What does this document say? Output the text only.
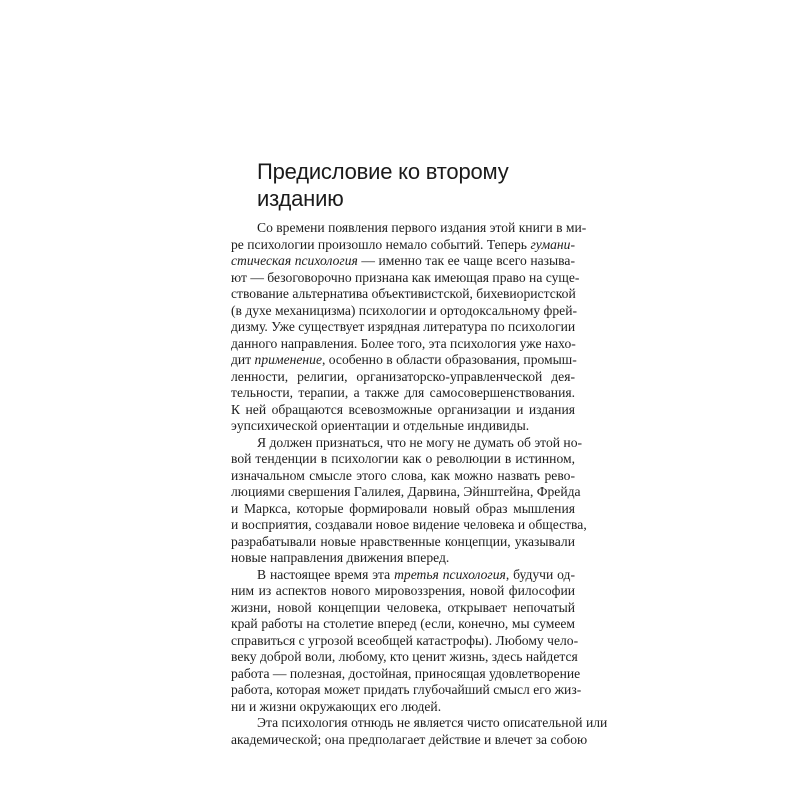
Предисловие ко второму
изданию
Со времени появления первого издания этой книги в ми-
ре психологии произошло немало событий. Теперь гумани-
стическая психология — именно так ее чаще всего называ-
ют — безоговорочно признана как имеющая право на суще-
ствование альтернатива объективистской, бихевиористской
(в духе механицизма) психологии и ортодоксальному фрей-
дизму. Уже существует изрядная литература по психологии
данного направления. Более того, эта психология уже нахо-
дит применение, особенно в области образования, промыш-
ленности, религии, организаторско-управленческой дея-
тельности, терапии, а также для самосовершенствования.
К ней обращаются всевозможные организации и издания
эупсихической ориентации и отдельные индивиды.
Я должен признаться, что не могу не думать об этой но-
вой тенденции в психологии как о революции в истинном,
изначальном смысле этого слова, как можно назвать рево-
люциями свершения Галилея, Дарвина, Эйнштейна, Фрейда
и Маркса, которые формировали новый образ мышления
и восприятия, создавали новое видение человека и общества,
разрабатывали новые нравственные концепции, указывали
новые направления движения вперед.
В настоящее время эта третья психология, будучи од-
ним из аспектов нового мировоззрения, новой философии
жизни, новой концепции человека, открывает непочатый
край работы на столетие вперед (если, конечно, мы сумеем
справиться с угрозой всеобщей катастрофы). Любому чело-
веку доброй воли, любому, кто ценит жизнь, здесь найдется
работа — полезная, достойная, приносящая удовлетворение
работа, которая может придать глубочайший смысл его жиз-
ни и жизни окружающих его людей.
Эта психология отнюдь не является чисто описательной или
академической; она предполагает действие и влечет за собою
